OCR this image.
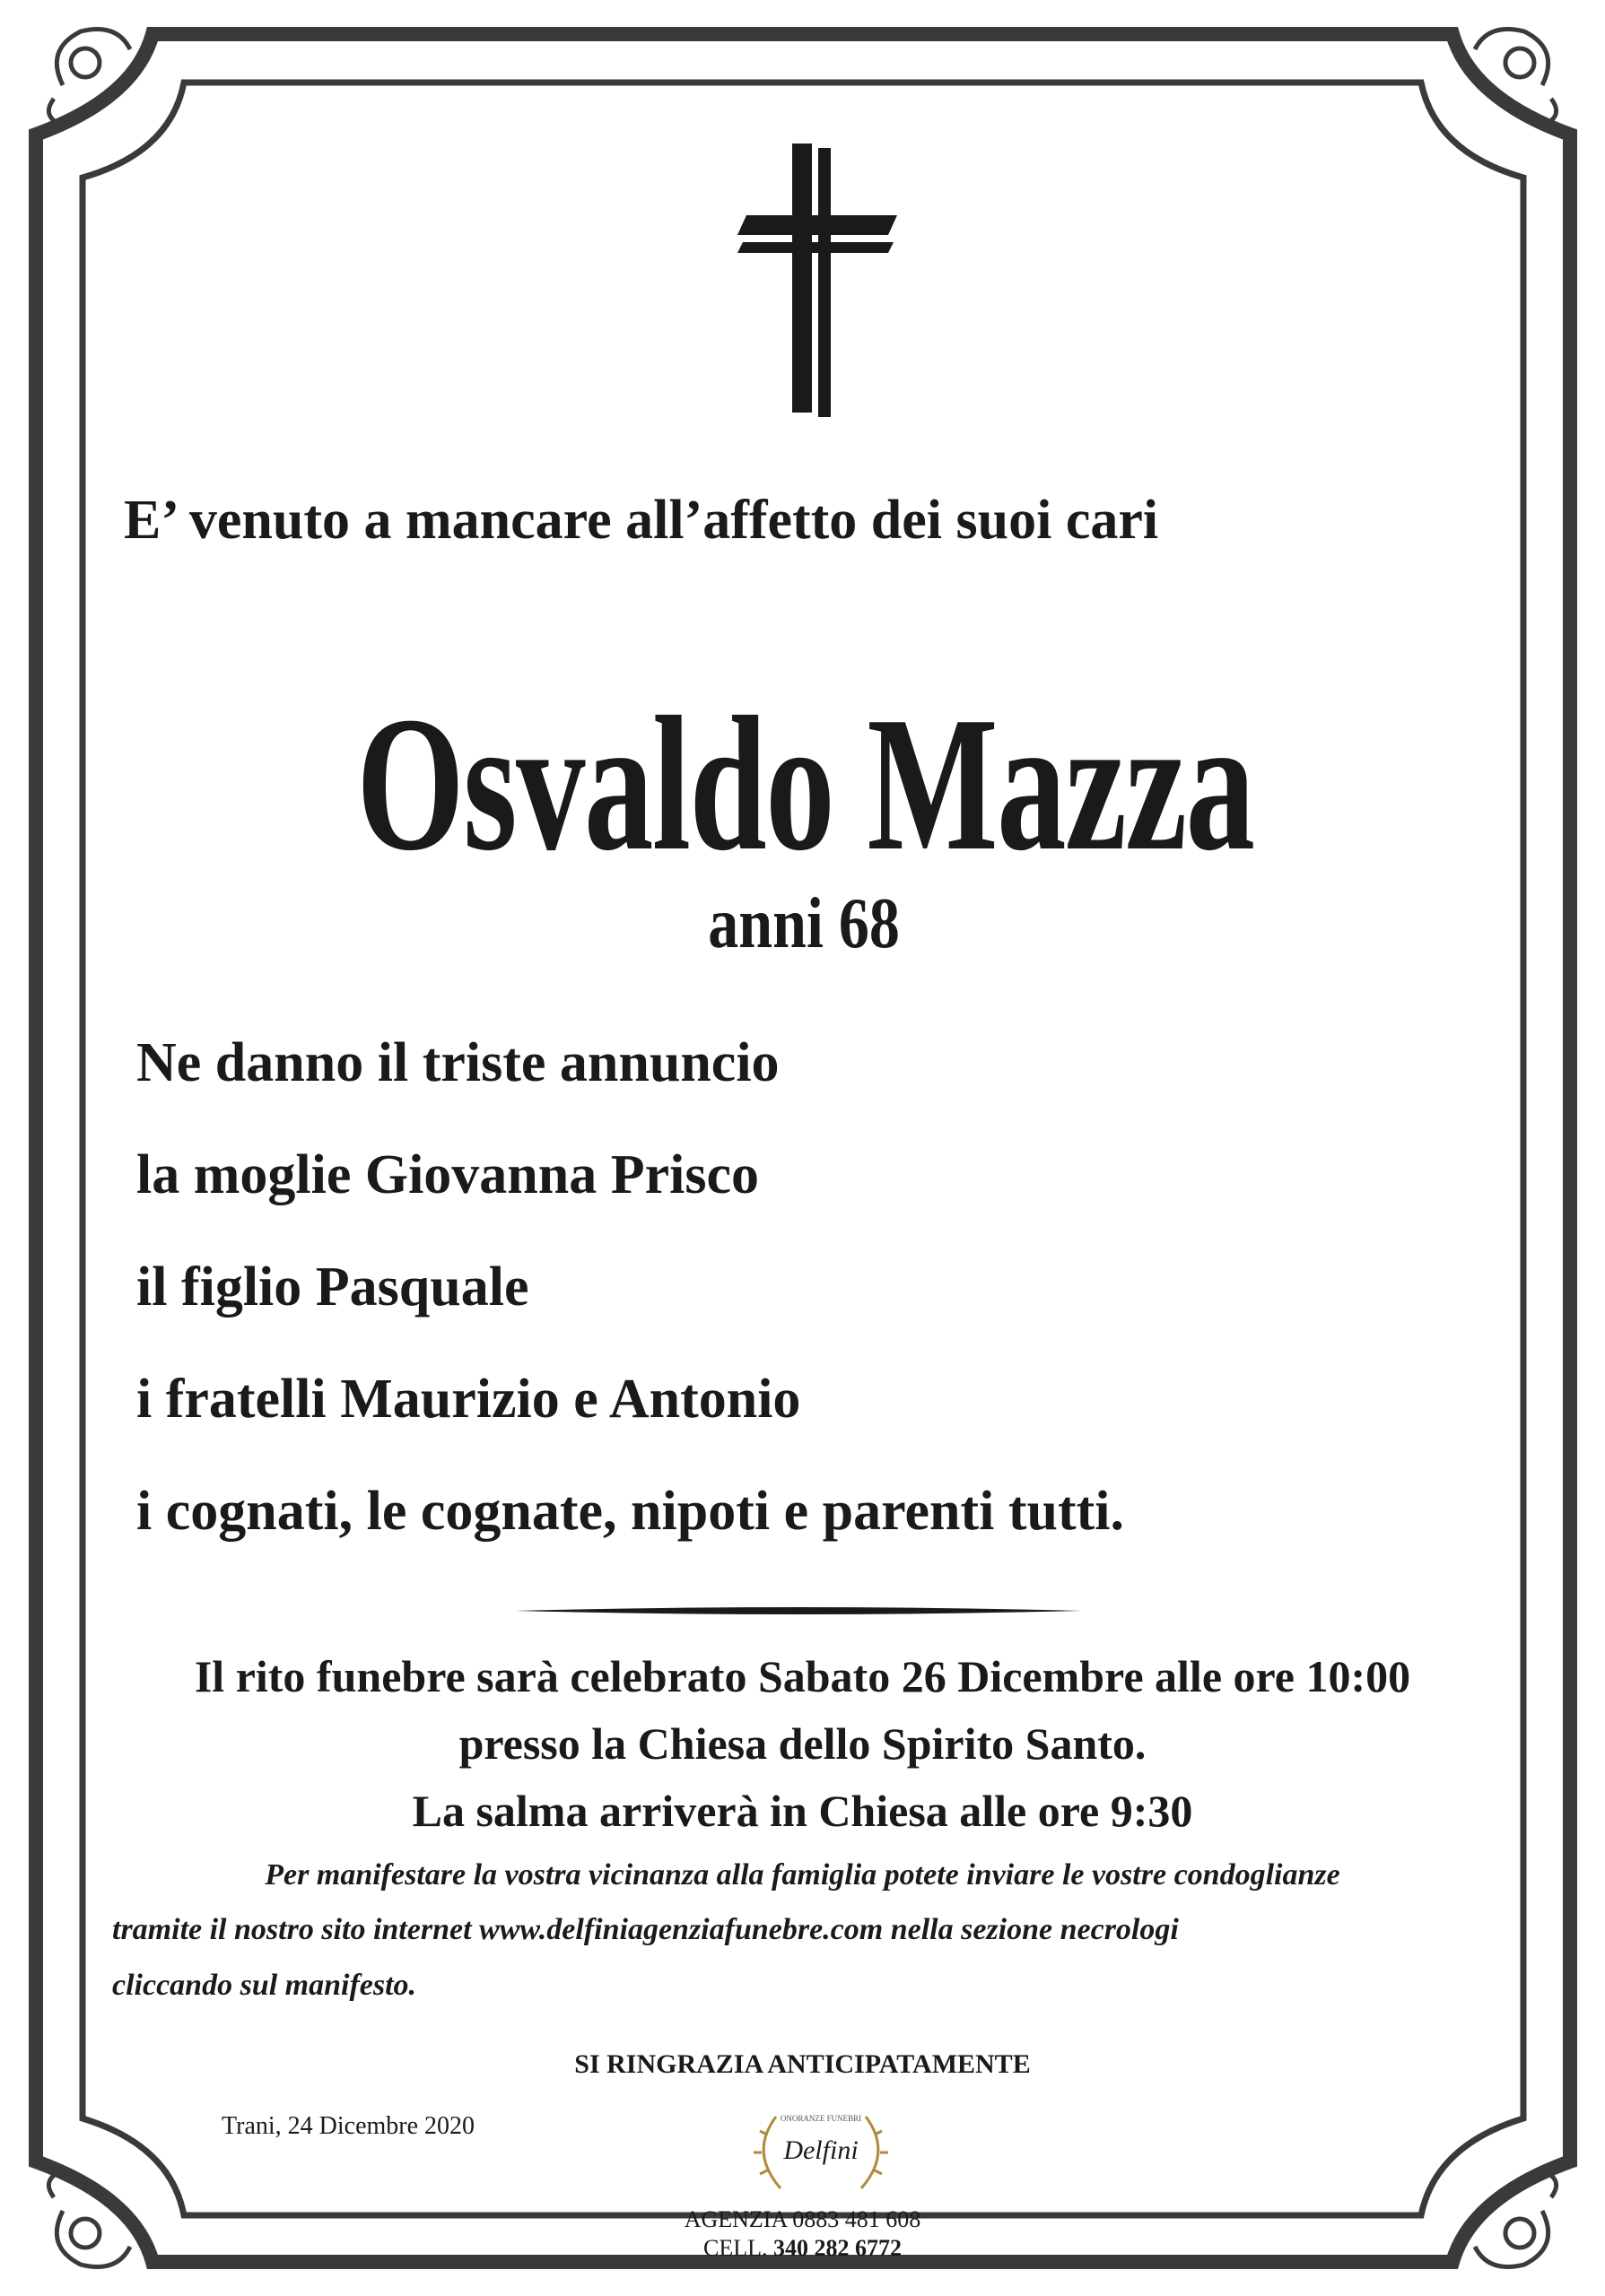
E’ venuto a mancare all’affetto dei suoi cari
Osvaldo Mazza
anni 68
Ne danno il triste annuncio
la moglie Giovanna Prisco
il figlio Pasquale
i fratelli Maurizio e Antonio
i cognati, le cognate, nipoti e parenti tutti.
Il rito funebre sarà celebrato Sabato 26 Dicembre alle ore 10:00
presso la Chiesa dello Spirito Santo.
La salma arriverà in Chiesa alle ore 9:30
Per manifestare la vostra vicinanza alla famiglia potete inviare le vostre condoglianze
tramite il nostro sito internet www.delfiniagenziafunebre.com nella sezione necrologi
cliccando sul manifesto.
SI RINGRAZIA ANTICIPATAMENTE
Trani, 24 Dicembre 2020	ONORANZE FUNEBRI
Delfini
AGENZIA 0883 481 608
CELL. 340 282 6772
